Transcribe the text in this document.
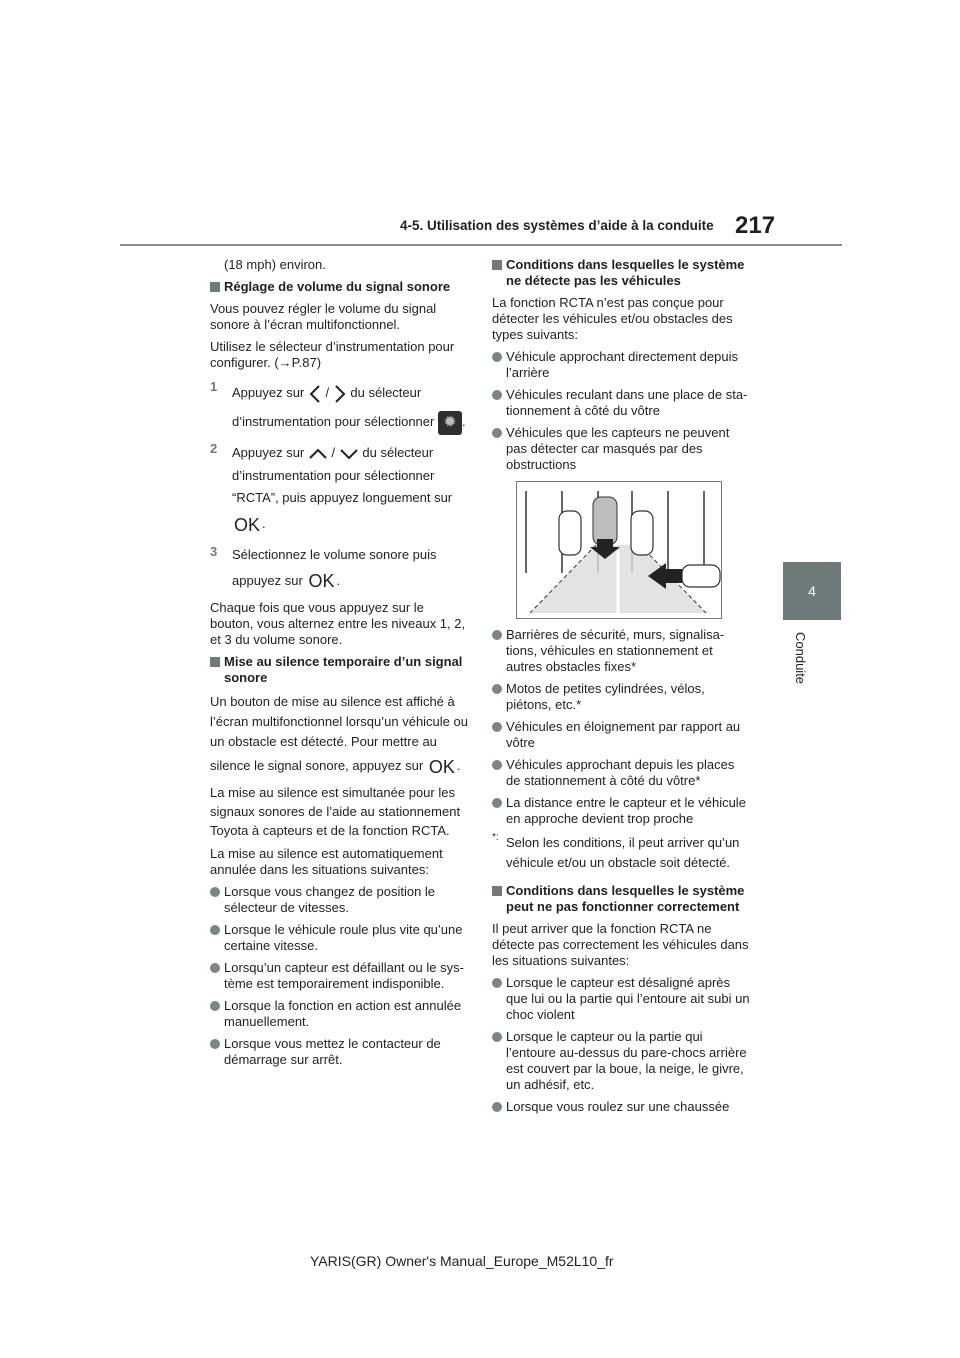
4-5. Utilisation des systèmes d’aide à la conduite 217
4
Conduite

(18 mph) environ.

Réglage de volume du signal sonore

Vous pouvez régler le volume du signal sonore à l’écran multifonctionnel.

Utilisez le sélecteur d’instrumentation pour configurer. (→P.87)

1 Appuyez sur / du sélecteur
d’instrumentation pour sélectionner ✹ .
2 Appuyez sur / du sélecteur
d’instrumentation pour sélectionner
“RCTA”, puis appuyez longuement sur
OK .
3 Sélectionnez le volume sonore puis
appuyez sur OK .

Chaque fois que vous appuyez sur le bouton, vous alternez entre les niveaux 1, 2, et 3 du volume sonore.

Mise au silence temporaire d’un signal sonore
Un bouton de mise au silence est affiché à
l’écran multifonctionnel lorsqu’un véhicule ou
un obstacle est détecté. Pour mettre au
silence le signal sonore, appuyez sur OK .

La mise au silence est simultanée pour les signaux sonores de l’aide au stationnement Toyota à capteurs et de la fonction RCTA.

La mise au silence est automatiquement annulée dans les situations suivantes:

Lorsque vous changez de position le sélecteur de vitesses.
Lorsque le véhicule roule plus vite qu’une certaine vitesse.
Lorsqu’un capteur est défaillant ou le sys-tème est temporairement indisponible.
Lorsque la fonction en action est annulée manuellement.
Lorsque vous mettez le contacteur de démarrage sur arrêt.
Conditions dans lesquelles le système ne détecte pas les véhicules

La fonction RCTA n’est pas conçue pour détecter les véhicules et/ou obstacles des types suivants:

Véhicule approchant directement depuis l’arrière
Véhicules reculant dans une place de sta-tionnement à côté du vôtre
Véhicules que les capteurs ne peuvent pas détecter car masqués par des obstructions
Barrières de sécurité, murs, signalisa-tions, véhicules en stationnement et autres obstacles fixes*
Motos de petites cylindrées, vélos, piétons, etc.*
Véhicules en éloignement par rapport au vôtre
Véhicules approchant depuis les places de stationnement à côté du vôtre*
La distance entre le capteur et le véhicule en approche devient trop proche
*: Selon les conditions, il peut arriver qu’un véhicule et/ou un obstacle soit détecté.
Conditions dans lesquelles le système peut ne pas fonctionner correctement

Il peut arriver que la fonction RCTA ne détecte pas correctement les véhicules dans les situations suivantes:

Lorsque le capteur est désaligné après que lui ou la partie qui l’entoure ait subi un choc violent
Lorsque le capteur ou la partie qui l’entoure au-dessus du pare-chocs arrière est couvert par la boue, la neige, le givre, un adhésif, etc.
Lorsque vous roulez sur une chaussée
YARIS(GR) Owner's Manual_Europe_M52L10_fr
